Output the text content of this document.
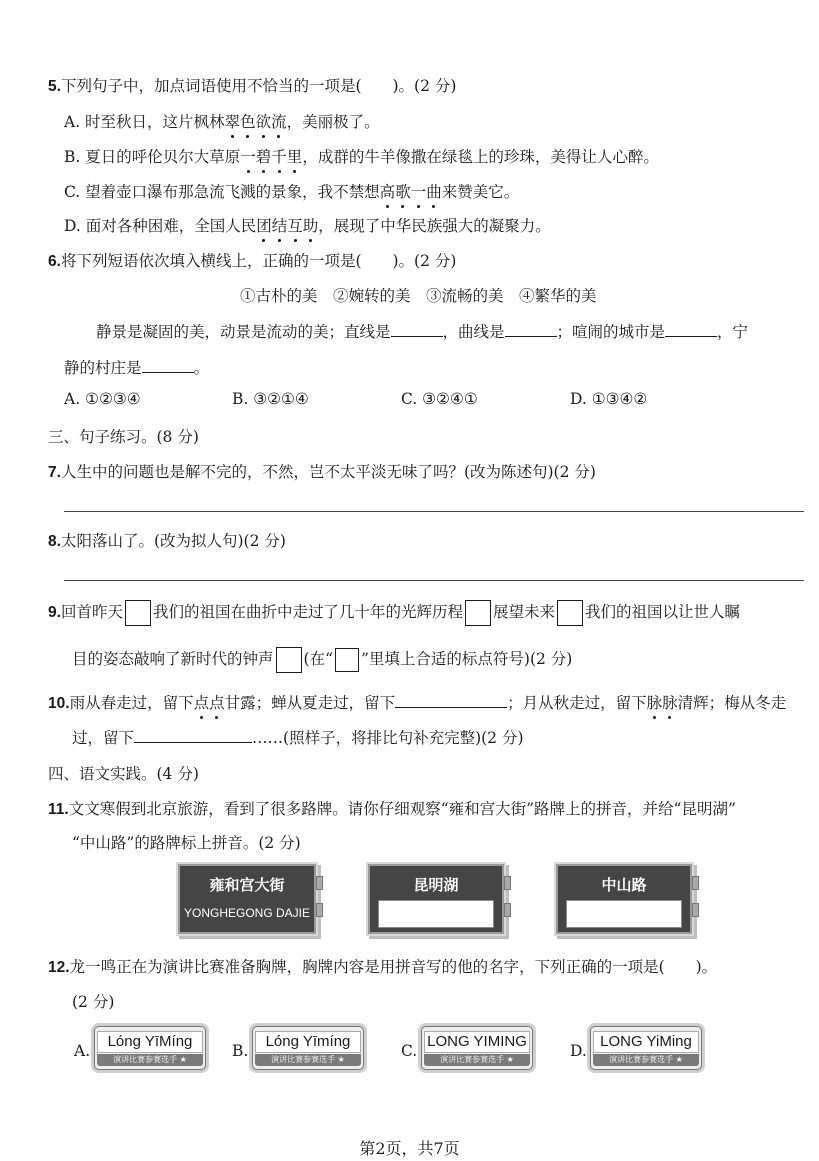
5.下列句子中，加点词语使用不恰当的一项是(　　)。(2 分)
A. 时至秋日，这片枫林翠色欲流，美丽极了。
B. 夏日的呼伦贝尔大草原一碧千里，成群的牛羊像撒在绿毯上的珍珠，美得让人心醉。
C. 望着壶口瀑布那急流飞溅的景象，我不禁想高歌一曲来赞美它。
D. 面对各种困难，全国人民团结互助，展现了中华民族强大的凝聚力。
6.将下列短语依次填入横线上，正确的一项是(　　)。(2 分)
①古朴的美　②婉转的美　③流畅的美　④繁华的美
静景是凝固的美，动景是流动的美；直线是	，曲线是	；喧闹的城市是	，宁
静的村庄是	。
A. ①②③④	B. ③②①④	C. ③②④①	D. ①③④②
三、句子练习。(8 分)
7.人生中的问题也是解不完的，不然，岂不太平淡无味了吗？(改为陈述句)(2 分)
8.太阳落山了。(改为拟人句)(2 分)
9.回首昨天 我们的祖国在曲折中走过了几十年的光辉历程 展望未来 我们的祖国以让世人瞩
目的姿态敲响了新时代的钟声 (在“ ”里填上合适的标点符号)(2 分)
10.雨从春走过，留下点点甘露；蝉从夏走过，留下	；月从秋走过，留下脉脉清辉；梅从冬走
过，留下	……(照样子，将排比句补充完整)(2 分)
四、语文实践。(4 分)
11.文文寒假到北京旅游，看到了很多路牌。请你仔细观察“雍和宫大街”路牌上的拼音，并给“昆明湖”
“中山路”的路牌标上拼音。(2 分)
雍和宫大街
YONGHEGONG DAJIE
昆明湖	中山路
12.龙一鸣正在为演讲比赛准备胸牌，胸牌内容是用拼音写的他的名字，下列正确的一项是(　　)。
(2 分)
A.
Lóng YīMíng
演讲比赛参赛选手 ★	B.
Lóng Yīmíng
演讲比赛参赛选手 ★	C.
LONG YIMING
演讲比赛参赛选手 ★	D.
LONG YiMing
演讲比赛参赛选手 ★
第2页，共7页
